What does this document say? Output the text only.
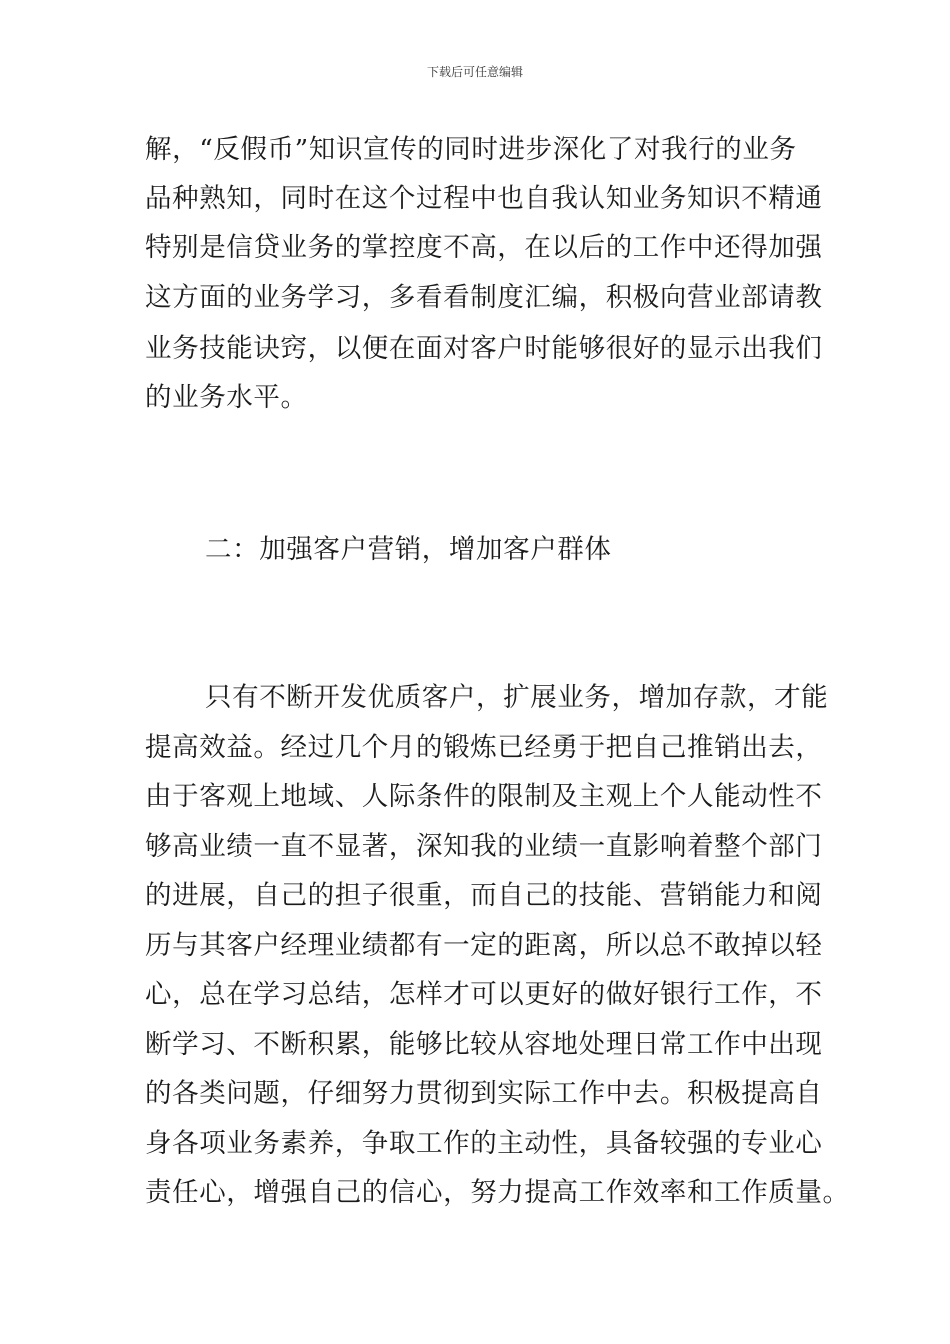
下载后可任意编辑
解，“反假币”知识宣传的同时进步深化了对我行的业务
品种熟知，同时在这个过程中也自我认知业务知识不精通
特别是信贷业务的掌控度不高，在以后的工作中还得加强
这方面的业务学习，多看看制度汇编，积极向营业部请教
业务技能诀窍，以便在面对客户时能够很好的显示出我们
的业务水平。
二：加强客户营销，增加客户群体
只有不断开发优质客户，扩展业务，增加存款，才能
提高效益。经过几个月的锻炼已经勇于把自己推销出去，
由于客观上地域、人际条件的限制及主观上个人能动性不
够高业绩一直不显著，深知我的业绩一直影响着整个部门
的进展，自己的担子很重，而自己的技能、营销能力和阅
历与其客户经理业绩都有一定的距离，所以总不敢掉以轻
心，总在学习总结，怎样才可以更好的做好银行工作，不
断学习、不断积累，能够比较从容地处理日常工作中出现
的各类问题，仔细努力贯彻到实际工作中去。积极提高自
身各项业务素养，争取工作的主动性，具备较强的专业心
责任心，增强自己的信心，努力提高工作效率和工作质量。
